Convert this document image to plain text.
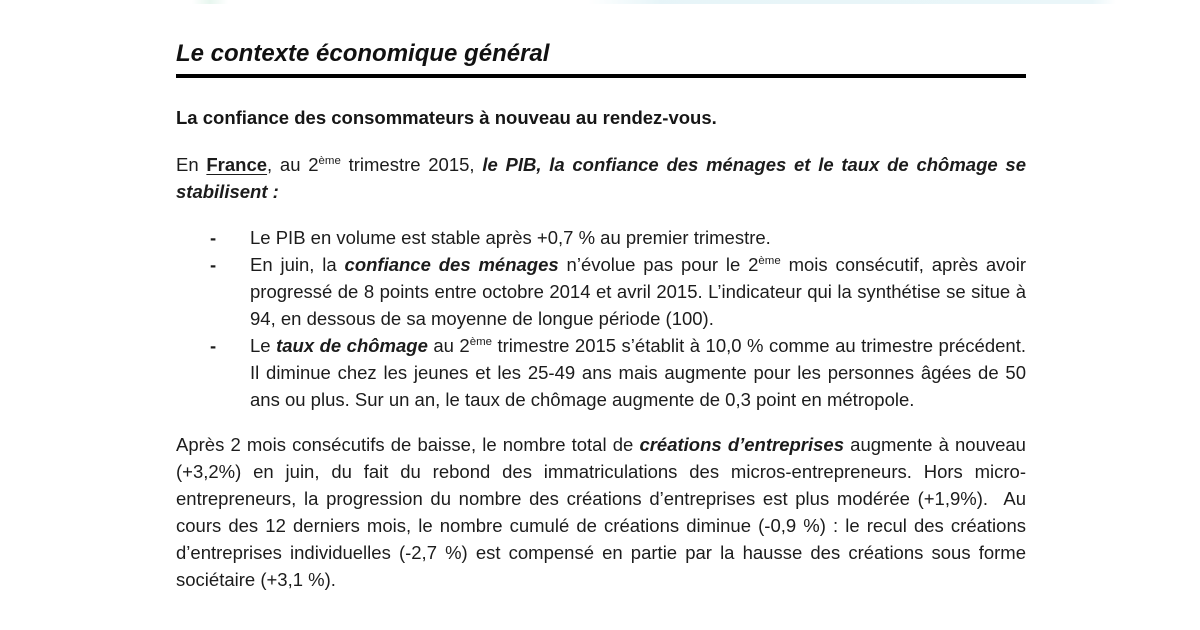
Le contexte économique général
La confiance des consommateurs à nouveau au rendez-vous.

En France, au 2ème trimestre 2015, le PIB, la confiance des ménages et le taux de chômage se stabilisent :

-	Le PIB en volume est stable après +0,7 % au premier trimestre.
-	En juin, la confiance des ménages n’évolue pas pour le 2ème mois consécutif, après avoir progressé de 8 points entre octobre 2014 et avril 2015. L’indicateur qui la synthétise se situe à 94, en dessous de sa moyenne de longue période (100).
-	Le taux de chômage au 2ème trimestre 2015 s’établit à 10,0 % comme au trimestre précédent. Il diminue chez les jeunes et les 25-49 ans mais augmente pour les personnes âgées de 50 ans ou plus. Sur un an, le taux de chômage augmente de 0,3 point en métropole.

Après 2 mois consécutifs de baisse, le nombre total de créations d’entreprises augmente à nouveau (+3,2%) en juin, du fait du rebond des immatriculations des micros-entrepreneurs. Hors micro-entrepreneurs, la progression du nombre des créations d’entreprises est plus modérée (+1,9%).  Au cours des 12 derniers mois, le nombre cumulé de créations diminue (-0,9 %) : le recul des créations d’entreprises individuelles (-2,7 %) est compensé en partie par la hausse des créations sous forme sociétaire (+3,1 %).
